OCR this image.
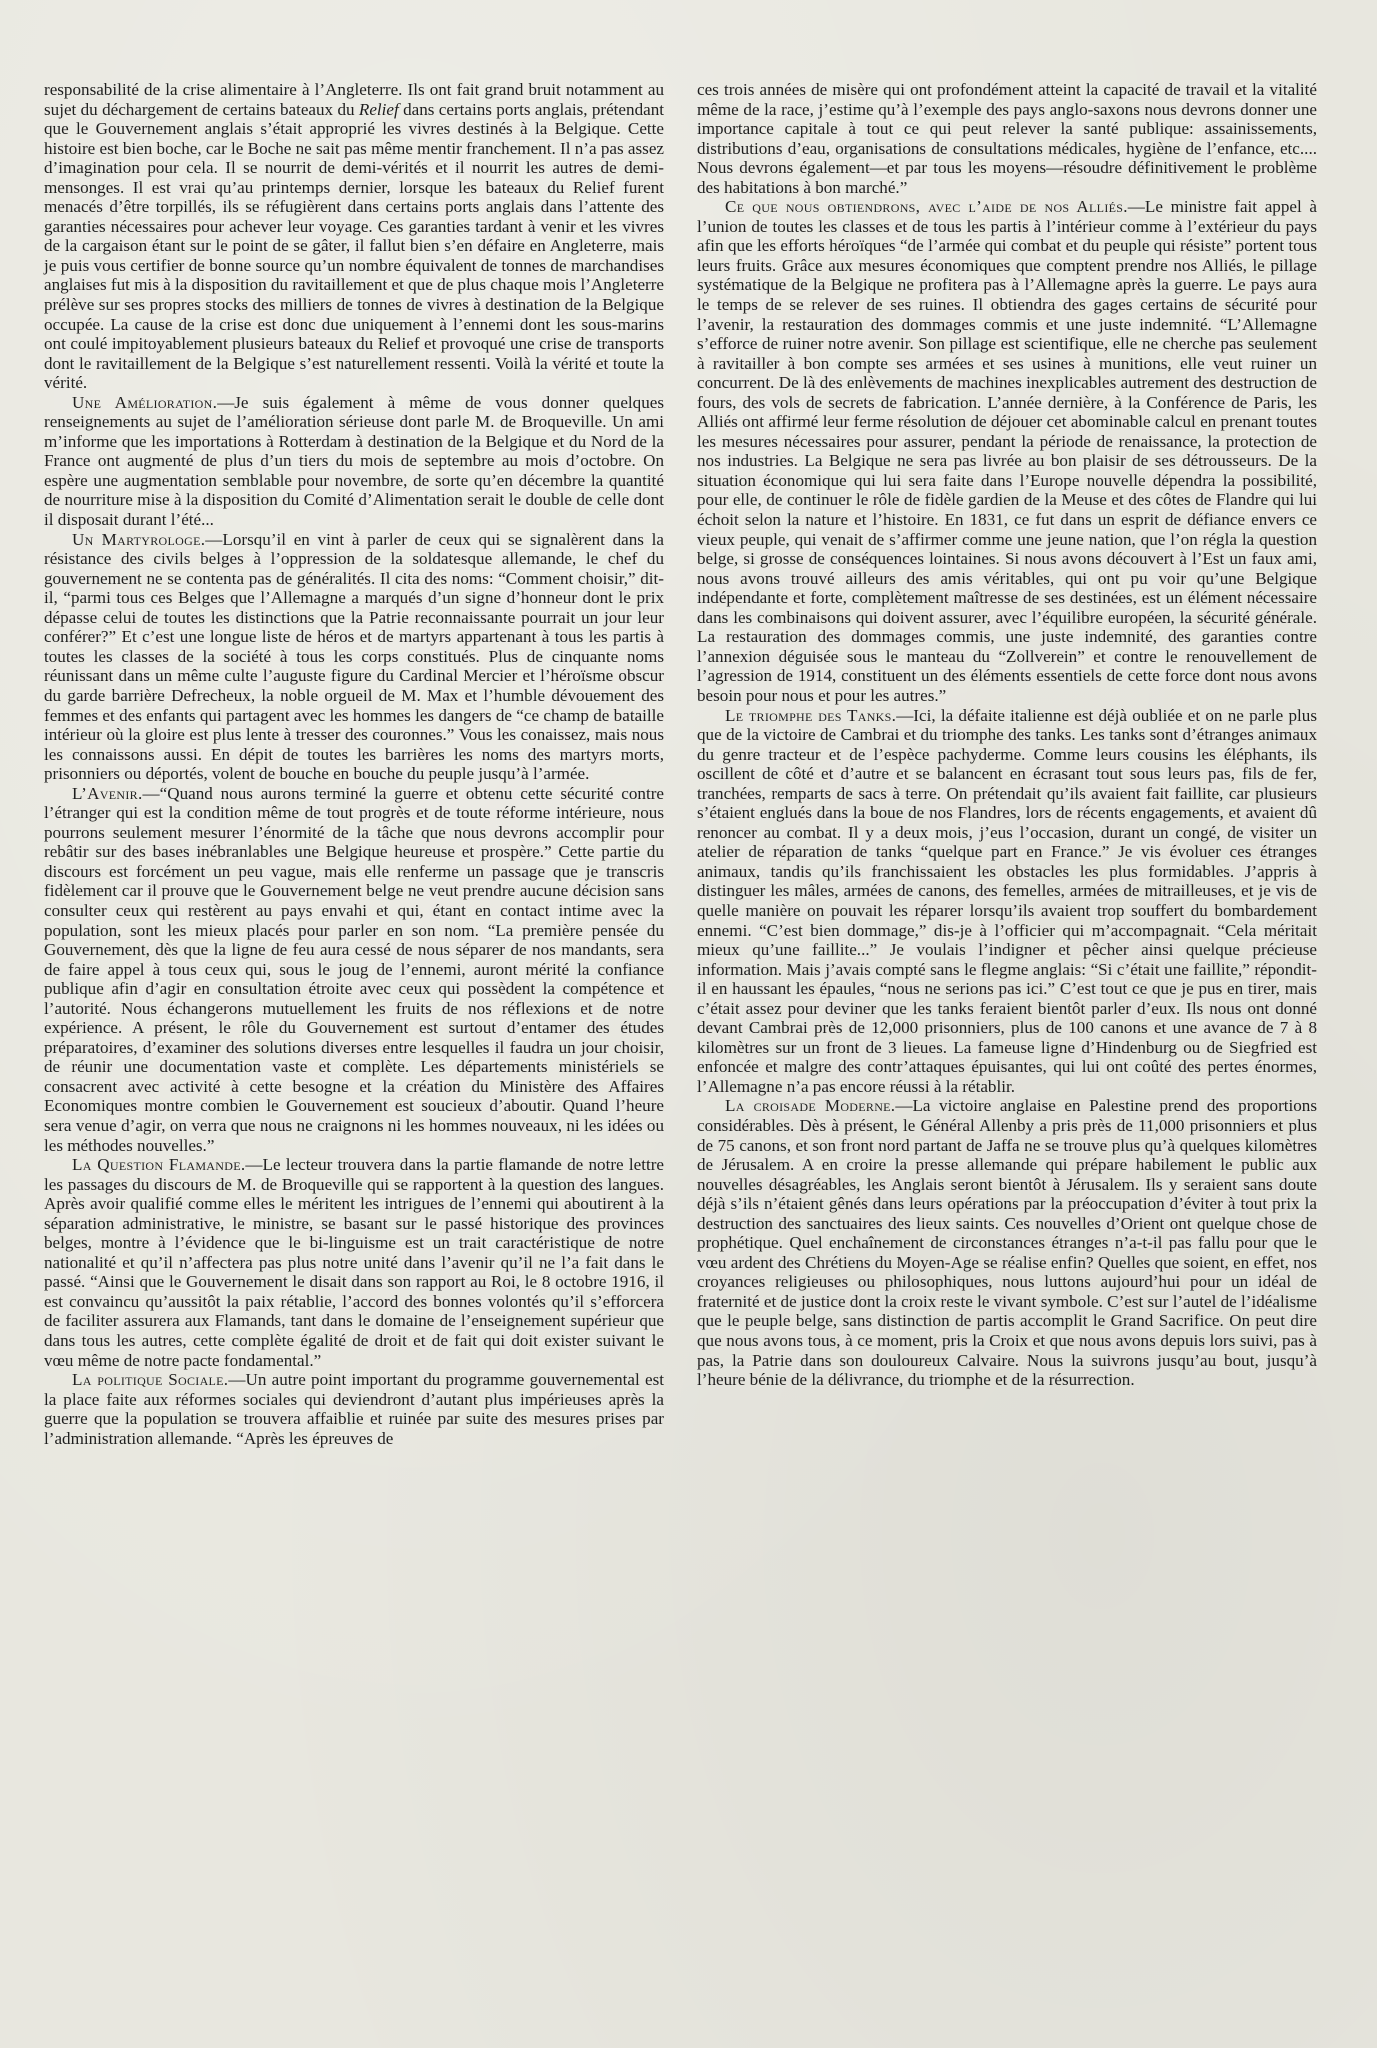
responsabilité de la crise alimentaire à l’Angleterre. Ils ont fait grand bruit notamment au sujet du déchargement de certains bateaux du Relief dans certains ports anglais, prétendant que le Gouvernement anglais s’était approprié les vivres destinés à la Belgique. Cette histoire est bien boche, car le Boche ne sait pas même mentir franchement. Il n’a pas assez d’imagination pour cela. Il se nourrit de demi-vérités et il nourrit les autres de demi-mensonges. Il est vrai qu’au printemps dernier, lorsque les bateaux du Relief furent menacés d’être torpillés, ils se réfugièrent dans certains ports anglais dans l’attente des garanties nécessaires pour achever leur voyage. Ces garanties tardant à venir et les vivres de la cargaison étant sur le point de se gâter, il fallut bien s’en défaire en Angleterre, mais je puis vous certifier de bonne source qu’un nombre équivalent de tonnes de marchandises anglaises fut mis à la disposition du ravitaillement et que de plus chaque mois l’Angleterre prélève sur ses propres stocks des milliers de tonnes de vivres à destination de la Belgique occupée. La cause de la crise est donc due uniquement à l’ennemi dont les sous-marins ont coulé impitoyablement plusieurs bateaux du Relief et provoqué une crise de transports dont le ravitaillement de la Belgique s’est naturellement ressenti. Voilà la vérité et toute la vérité.

Une Amélioration.—Je suis également à même de vous donner quelques renseignements au sujet de l’amélioration sérieuse dont parle M. de Broqueville. Un ami m’informe que les importations à Rotterdam à destination de la Belgique et du Nord de la France ont augmenté de plus d’un tiers du mois de septembre au mois d’octobre. On espère une augmentation semblable pour novembre, de sorte qu’en décembre la quantité de nourriture mise à la disposition du Comité d’Alimentation serait le double de celle dont il disposait durant l’été...

Un Martyrologe.—Lorsqu’il en vint à parler de ceux qui se signalèrent dans la résistance des civils belges à l’oppression de la soldatesque allemande, le chef du gouvernement ne se contenta pas de généralités. Il cita des noms: “Comment choisir,” dit-il, “parmi tous ces Belges que l’Allemagne a marqués d’un signe d’honneur dont le prix dépasse celui de toutes les distinctions que la Patrie reconnaissante pourrait un jour leur conférer?” Et c’est une longue liste de héros et de martyrs appartenant à tous les partis à toutes les classes de la société à tous les corps constitués. Plus de cinquante noms réunissant dans un même culte l’auguste figure du Cardinal Mercier et l’héroïsme obscur du garde barrière Defrecheux, la noble orgueil de M. Max et l’humble dévouement des femmes et des enfants qui partagent avec les hommes les dangers de “ce champ de bataille intérieur où la gloire est plus lente à tresser des couronnes.” Vous les conaissez, mais nous les connaissons aussi. En dépit de toutes les barrières les noms des martyrs morts, prisonniers ou déportés, volent de bouche en bouche du peuple jusqu’à l’armée.

L’Avenir.—“Quand nous aurons terminé la guerre et obtenu cette sécurité contre l’étranger qui est la condition même de tout progrès et de toute réforme intérieure, nous pourrons seulement mesurer l’énormité de la tâche que nous devrons accomplir pour rebâtir sur des bases inébranlables une Belgique heureuse et prospère.” Cette partie du discours est forcément un peu vague, mais elle renferme un passage que je transcris fidèlement car il prouve que le Gouvernement belge ne veut prendre aucune décision sans consulter ceux qui restèrent au pays envahi et qui, étant en contact intime avec la population, sont les mieux placés pour parler en son nom. “La première pensée du Gouvernement, dès que la ligne de feu aura cessé de nous séparer de nos mandants, sera de faire appel à tous ceux qui, sous le joug de l’ennemi, auront mérité la confiance publique afin d’agir en consultation étroite avec ceux qui possèdent la compétence et l’autorité. Nous échangerons mutuellement les fruits de nos réflexions et de notre expérience. A présent, le rôle du Gouvernement est surtout d’entamer des études préparatoires, d’examiner des solutions diverses entre lesquelles il faudra un jour choisir, de réunir une documentation vaste et complète. Les départements ministériels se consacrent avec activité à cette besogne et la création du Ministère des Affaires Economiques montre combien le Gouvernement est soucieux d’aboutir. Quand l’heure sera venue d’agir, on verra que nous ne craignons ni les hommes nouveaux, ni les idées ou les méthodes nouvelles.”

La Question Flamande.—Le lecteur trouvera dans la partie flamande de notre lettre les passages du discours de M. de Broqueville qui se rapportent à la question des langues. Après avoir qualifié comme elles le méritent les intrigues de l’ennemi qui aboutirent à la séparation administrative, le ministre, se basant sur le passé historique des provinces belges, montre à l’évidence que le bi-linguisme est un trait caractéristique de notre nationalité et qu’il n’affectera pas plus notre unité dans l’avenir qu’il ne l’a fait dans le passé. “Ainsi que le Gouvernement le disait dans son rapport au Roi, le 8 octobre 1916, il est convaincu qu’aussitôt la paix rétablie, l’accord des bonnes volontés qu’il s’efforcera de faciliter assurera aux Flamands, tant dans le domaine de l’enseignement supérieur que dans tous les autres, cette complète égalité de droit et de fait qui doit exister suivant le vœu même de notre pacte fondamental.”

La politique Sociale.—Un autre point important du programme gouvernemental est la place faite aux réformes sociales qui deviendront d’autant plus impérieuses après la guerre que la population se trouvera affaiblie et ruinée par suite des mesures prises par l’administration allemande. “Après les épreuves de

ces trois années de misère qui ont profondément atteint la capacité de travail et la vitalité même de la race, j’estime qu’à l’exemple des pays anglo-saxons nous devrons donner une importance capitale à tout ce qui peut relever la santé publique: assainissements, distributions d’eau, organisations de consultations médicales, hygiène de l’enfance, etc.... Nous devrons également—et par tous les moyens—résoudre définitivement le problème des habitations à bon marché.”

Ce que nous obtiendrons, avec l’aide de nos Alliés.—Le ministre fait appel à l’union de toutes les classes et de tous les partis à l’intérieur comme à l’extérieur du pays afin que les efforts héroïques “de l’armée qui combat et du peuple qui résiste” portent tous leurs fruits. Grâce aux mesures économiques que comptent prendre nos Alliés, le pillage systématique de la Belgique ne profitera pas à l’Allemagne après la guerre. Le pays aura le temps de se relever de ses ruines. Il obtiendra des gages certains de sécurité pour l’avenir, la restauration des dommages commis et une juste indemnité. “L’Allemagne s’efforce de ruiner notre avenir. Son pillage est scientifique, elle ne cherche pas seulement à ravitailler à bon compte ses armées et ses usines à munitions, elle veut ruiner un concurrent. De là des enlèvements de machines inexplicables autrement des destruction de fours, des vols de secrets de fabrication. L’année dernière, à la Conférence de Paris, les Alliés ont affirmé leur ferme résolution de déjouer cet abominable calcul en prenant toutes les mesures nécessaires pour assurer, pendant la période de renaissance, la protection de nos industries. La Belgique ne sera pas livrée au bon plaisir de ses détrousseurs. De la situation économique qui lui sera faite dans l’Europe nouvelle dépendra la possibilité, pour elle, de continuer le rôle de fidèle gardien de la Meuse et des côtes de Flandre qui lui échoit selon la nature et l’histoire. En 1831, ce fut dans un esprit de défiance envers ce vieux peuple, qui venait de s’affirmer comme une jeune nation, que l’on régla la question belge, si grosse de conséquences lointaines. Si nous avons découvert à l’Est un faux ami, nous avons trouvé ailleurs des amis véritables, qui ont pu voir qu’une Belgique indépendante et forte, complètement maîtresse de ses destinées, est un élément nécessaire dans les combinaisons qui doivent assurer, avec l’équilibre européen, la sécurité générale. La restauration des dommages commis, une juste indemnité, des garanties contre l’annexion déguisée sous le manteau du “Zollverein” et contre le renouvellement de l’agression de 1914, constituent un des éléments essentiels de cette force dont nous avons besoin pour nous et pour les autres.”

Le triomphe des Tanks.—Ici, la défaite italienne est déjà oubliée et on ne parle plus que de la victoire de Cambrai et du triomphe des tanks. Les tanks sont d’étranges animaux du genre tracteur et de l’espèce pachyderme. Comme leurs cousins les éléphants, ils oscillent de côté et d’autre et se balancent en écrasant tout sous leurs pas, fils de fer, tranchées, remparts de sacs à terre. On prétendait qu’ils avaient fait faillite, car plusieurs s’étaient englués dans la boue de nos Flandres, lors de récents engagements, et avaient dû renoncer au combat. Il y a deux mois, j’eus l’occasion, durant un congé, de visiter un atelier de réparation de tanks “quelque part en France.” Je vis évoluer ces étranges animaux, tandis qu’ils franchissaient les obstacles les plus formidables. J’appris à distinguer les mâles, armées de canons, des femelles, armées de mitrailleuses, et je vis de quelle manière on pouvait les réparer lorsqu’ils avaient trop souffert du bombardement ennemi. “C’est bien dommage,” dis-je à l’officier qui m’accompagnait. “Cela méritait mieux qu’une faillite...” Je voulais l’indigner et pêcher ainsi quelque précieuse information. Mais j’avais compté sans le flegme anglais: “Si c’était une faillite,” répondit-il en haussant les épaules, “nous ne serions pas ici.” C’est tout ce que je pus en tirer, mais c’était assez pour deviner que les tanks feraient bientôt parler d’eux. Ils nous ont donné devant Cambrai près de 12,000 prisonniers, plus de 100 canons et une avance de 7 à 8 kilomètres sur un front de 3 lieues. La fameuse ligne d’Hindenburg ou de Siegfried est enfoncée et malgre des contr’attaques épuisantes, qui lui ont coûté des pertes énormes, l’Allemagne n’a pas encore réussi à la rétablir.

La croisade Moderne.—La victoire anglaise en Palestine prend des proportions considérables. Dès à présent, le Général Allenby a pris près de 11,000 prisonniers et plus de 75 canons, et son front nord partant de Jaffa ne se trouve plus qu’à quelques kilomètres de Jérusalem. A en croire la presse allemande qui prépare habilement le public aux nouvelles désagréables, les Anglais seront bientôt à Jérusalem. Ils y seraient sans doute déjà s’ils n’étaient gênés dans leurs opérations par la préoccupation d’éviter à tout prix la destruction des sanctuaires des lieux saints. Ces nouvelles d’Orient ont quelque chose de prophétique. Quel enchaînement de circonstances étranges n’a-t-il pas fallu pour que le vœu ardent des Chrétiens du Moyen-Age se réalise enfin? Quelles que soient, en effet, nos croyances religieuses ou philosophiques, nous luttons aujourd’hui pour un idéal de fraternité et de justice dont la croix reste le vivant symbole. C’est sur l’autel de l’idéalisme que le peuple belge, sans distinction de partis accomplit le Grand Sacrifice. On peut dire que nous avons tous, à ce moment, pris la Croix et que nous avons depuis lors suivi, pas à pas, la Patrie dans son douloureux Calvaire. Nous la suivrons jusqu’au bout, jusqu’à l’heure bénie de la délivrance, du triomphe et de la résurrection.
